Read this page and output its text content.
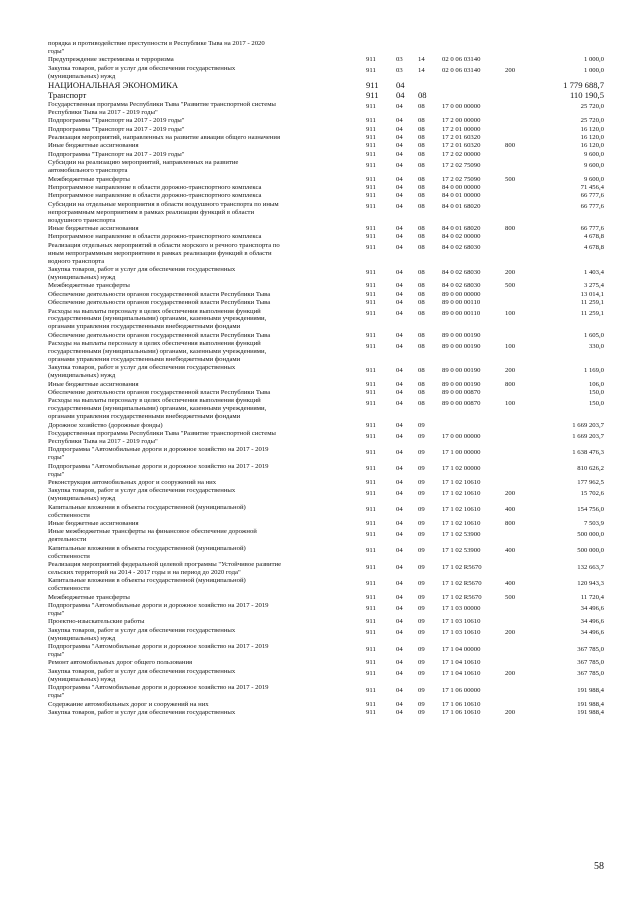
порядка и противодействие преступности в Республике Тыва на 2017 - 2020
годы"
Предупреждение экстремизма и терроризма	911	03	14	02 0 06 03140	1 000,0
Закупка товаров, работ и услуг для обеспечения государственных
(муниципальных) нужд
911	03	14	02 0 06 03140	200	1 000,0
НАЦИОНАЛЬНАЯ ЭКОНОМИКА	911	04	1 779 688,7
Транспорт	911	04	08	110 190,5
Государственная программа Республики Тыва "Развитие транспортной системы
Республики Тыва на 2017 - 2019 годы"
911	04	08	17 0 00 00000	25 720,0
Подпрограмма "Транспорт на 2017 - 2019 годы"	911	04	08	17 2 00 00000	25 720,0
Подпрограмма "Транспорт на 2017 - 2019 годы"	911	04	08	17 2 01 00000	16 120,0
Реализация мероприятий, направленных на развитие авиации общего назначения	911	04	08	17 2 01 60320	16 120,0
Иные бюджетные ассигнования	911	04	08	17 2 01 60320	800	16 120,0
Подпрограмма "Транспорт на 2017 - 2019 годы"	911	04	08	17 2 02 00000	9 600,0
Субсидии на реализацию мероприятий, направленных на развитие
автомобильного транспорта
911	04	08	17 2 02 75090	9 600,0
Межбюджетные трансферты	911	04	08	17 2 02 75090	500	9 600,0
Непрограммное направление в области дорожно-транспортного комплекса	911	04	08	84 0 00 00000	71 456,4
Непрограммное направление в области дорожно-транспортного комплекса	911	04	08	84 0 01 00000	66 777,6
Субсидии на отдельные мероприятия в области воздушного транспорта по иным
непрограммным мероприятиям в рамках реализации функций в области
воздушного транспорта
911	04	08	84 0 01 68020	66 777,6
Иные бюджетные ассигнования	911	04	08	84 0 01 68020	800	66 777,6
Непрограммное направление в области дорожно-транспортного комплекса	911	04	08	84 0 02 00000	4 678,8
Реализация отдельных мероприятий в области морского и речного транспорта по
иным непрограммным мероприятиям в рамках реализации функций в области
водного транспорта
911	04	08	84 0 02 68030	4 678,8
Закупка товаров, работ и услуг для обеспечения государственных
(муниципальных) нужд
911	04	08	84 0 02 68030	200	1 403,4
Межбюджетные трансферты	911	04	08	84 0 02 68030	500	3 275,4
Обеспечение деятельности органов государственной власти Республики Тыва	911	04	08	89 0 00 00000	13 014,1
Обеспечение деятельности органов государственной власти Республики Тыва	911	04	08	89 0 00 00110	11 259,1
Расходы на выплаты персоналу в целях обеспечения выполнения функций
государственными (муниципальными) органами, казенными учреждениями,
органами управления государственными внебюджетными фондами
911	04	08	89 0 00 00110	100	11 259,1
Обеспечение деятельности органов государственной власти Республики Тыва	911	04	08	89 0 00 00190	1 605,0
Расходы на выплаты персоналу в целях обеспечения выполнения функций
государственными (муниципальными) органами, казенными учреждениями,
органами управления государственными внебюджетными фондами
911	04	08	89 0 00 00190	100	330,0
Закупка товаров, работ и услуг для обеспечения государственных
(муниципальных) нужд
911	04	08	89 0 00 00190	200	1 169,0
Иные бюджетные ассигнования	911	04	08	89 0 00 00190	800	106,0
Обеспечение деятельности органов государственной власти Республики Тыва	911	04	08	89 0 00 00870	150,0
Расходы на выплаты персоналу в целях обеспечения выполнения функций
государственными (муниципальными) органами, казенными учреждениями,
органами управления государственными внебюджетными фондами
911	04	08	89 0 00 00870	100	150,0
Дорожное хозяйство (дорожные фонды)	911	04	09	1 669 203,7
Государственная программа Республики Тыва "Развитие транспортной системы
Республики Тыва на 2017 - 2019 годы"
911	04	09	17 0 00 00000	1 669 203,7
Подпрограмма "Автомобильные дороги и дорожное хозяйство на 2017 - 2019
годы"
911	04	09	17 1 00 00000	1 638 476,3
Подпрограмма "Автомобильные дороги и дорожное хозяйство на 2017 - 2019
годы"
911	04	09	17 1 02 00000	810 626,2
Реконструкция автомобильных дорог и сооружений на них	911	04	09	17 1 02 10610	177 962,5
Закупка товаров, работ и услуг для обеспечения государственных
(муниципальных) нужд
911	04	09	17 1 02 10610	200	15 702,6
Капитальные вложения в объекты государственной (муниципальной)
собственности
911	04	09	17 1 02 10610	400	154 756,0
Иные бюджетные ассигнования	911	04	09	17 1 02 10610	800	7 503,9
Иные межбюджетные трансферты на финансовое обеспечение дорожной
деятельности
911	04	09	17 1 02 53900	500 000,0
Капитальные вложения в объекты государственной (муниципальной)
собственности
911	04	09	17 1 02 53900	400	500 000,0
Реализация мероприятий федеральной целевой программы "Устойчивое развитие
сельских территорий на 2014 - 2017 годы и на период до 2020 года"
911	04	09	17 1 02 R5670	132 663,7
Капитальные вложения в объекты государственной (муниципальной)
собственности
911	04	09	17 1 02 R5670	400	120 943,3
Межбюджетные трансферты	911	04	09	17 1 02 R5670	500	11 720,4
Подпрограмма "Автомобильные дороги и дорожное хозяйство на 2017 - 2019
годы"
911	04	09	17 1 03 00000	34 496,6
Проектно-изыскательские работы	911	04	09	17 1 03 10610	34 496,6
Закупка товаров, работ и услуг для обеспечения государственных
(муниципальных) нужд
911	04	09	17 1 03 10610	200	34 496,6
Подпрограмма "Автомобильные дороги и дорожное хозяйство на 2017 - 2019
годы"
911	04	09	17 1 04 00000	367 785,0
Ремонт автомобильных дорог общего пользования	911	04	09	17 1 04 10610	367 785,0
Закупка товаров, работ и услуг для обеспечения государственных
(муниципальных) нужд
911	04	09	17 1 04 10610	200	367 785,0
Подпрограмма "Автомобильные дороги и дорожное хозяйство на 2017 - 2019
годы"
911	04	09	17 1 06 00000	191 988,4
Содержание автомобильных дорог и сооружений на них	911	04	09	17 1 06 10610	191 988,4
Закупка товаров, работ и услуг для обеспечения государственных	911	04	09	17 1 06 10610	200	191 988,4
58
